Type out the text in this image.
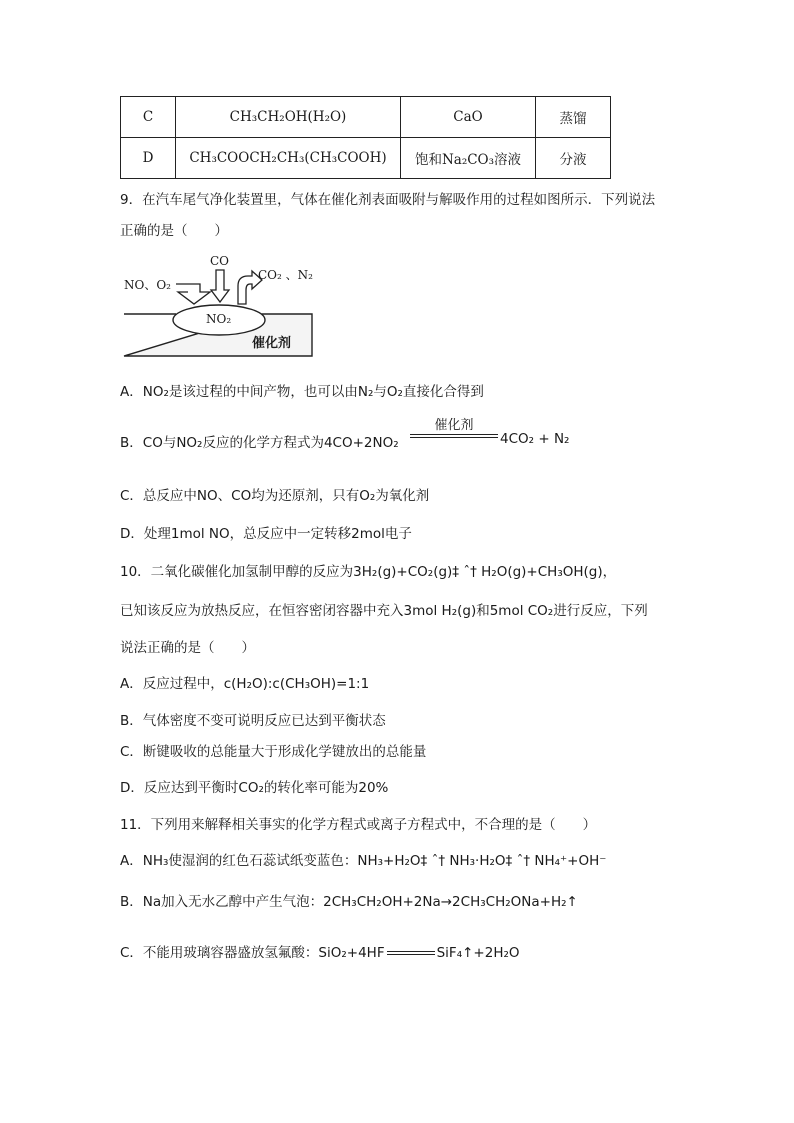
C	CH₃CH₂OH(H₂O)	CaO	蒸馏
D	CH₃COOCH₂CH₃(CH₃COOH)	饱和Na₂CO₃溶液	分液
9．在汽车尾气净化装置里，气体在催化剂表面吸附与解吸作用的过程如图所示．下列说法
正确的是（　　）
NO、O₂
CO
CO₂ 、N₂
NO₂
催化剂
A．NO₂是该过程的中间产物，也可以由N₂与O₂直接化合得到
B．CO与NO₂反应的化学方程式为4CO+2NO₂
催化剂
4CO₂ + N₂
C．总反应中NO、CO均为还原剂，只有O₂为氧化剂
D．处理1mol NO，总反应中一定转移2mol电子
10．二氧化碳催化加氢制甲醇的反应为3H₂(g)+CO₂(g)‡ ˆ† H₂O(g)+CH₃OH(g)，
已知该反应为放热反应，在恒容密闭容器中充入3mol H₂(g)和5mol CO₂进行反应，下列
说法正确的是（　　）
A．反应过程中，c(H₂O):c(CH₃OH)=1:1
B．气体密度不变可说明反应已达到平衡状态
C．断键吸收的总能量大于形成化学键放出的总能量
D．反应达到平衡时CO₂的转化率可能为20%
11．下列用来解释相关事实的化学方程式或离子方程式中，不合理的是（　　）
A．NH₃使湿润的红色石蕊试纸变蓝色：NH₃+H₂O‡ ˆ† NH₃·H₂O‡ ˆ† NH₄⁺+OH⁻
B．Na加入无水乙醇中产生气泡：2CH₃CH₂OH+2Na→2CH₃CH₂ONa+H₂↑
C．不能用玻璃容器盛放氢氟酸：SiO₂+4HF	SiF₄↑+2H₂O
